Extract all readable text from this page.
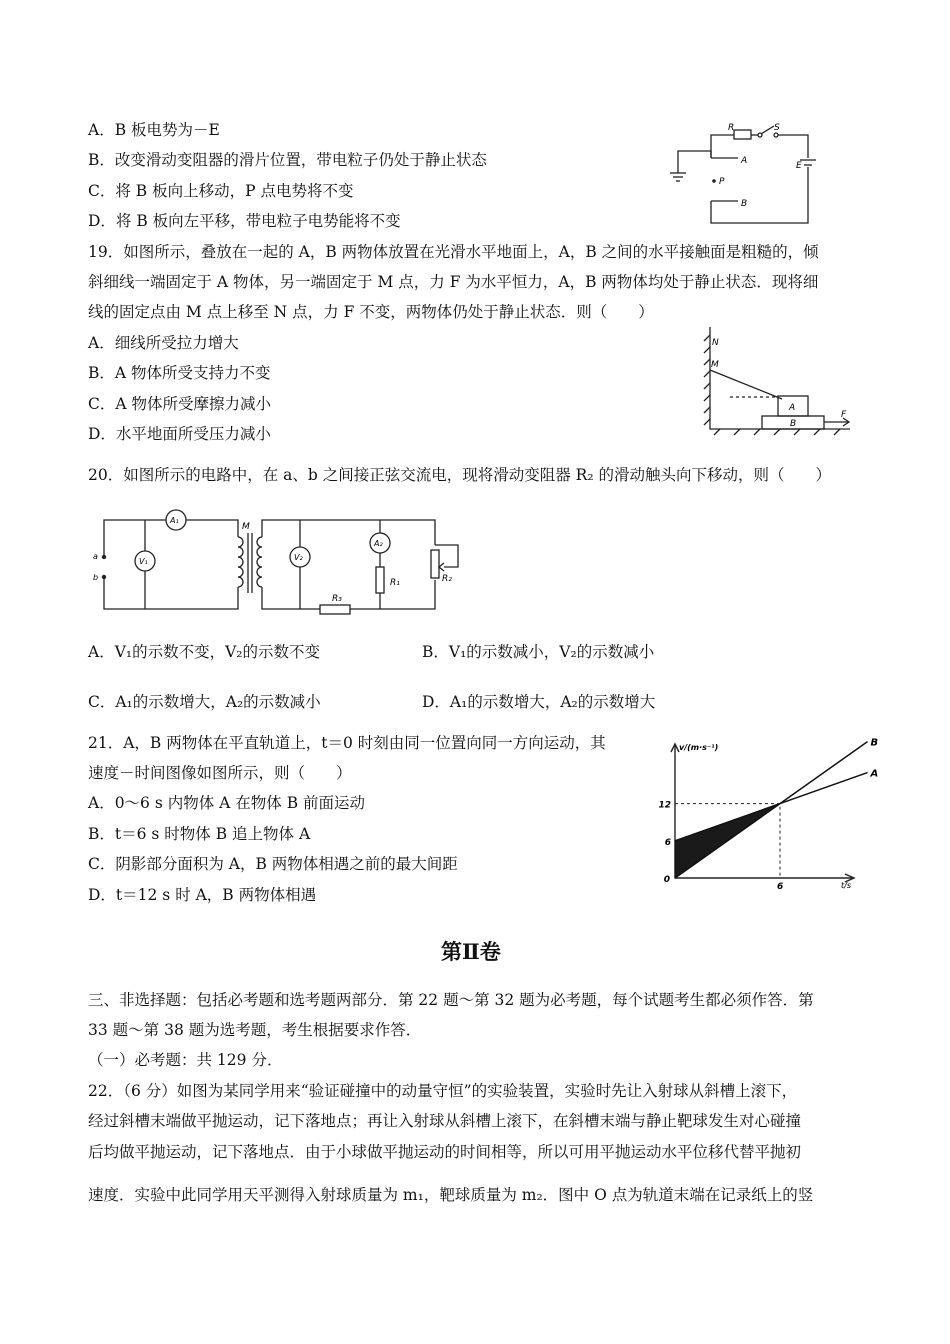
A．B 板电势为－E
B．改变滑动变阻器的滑片位置，带电粒子仍处于静止状态
C．将 B 板向上移动，P 点电势将不变
D．将 B 板向左平移，带电粒子电势能将不变
R	S
A
P
B
E
19．如图所示，叠放在一起的 A，B 两物体放置在光滑水平地面上，A，B 之间的水平接触面是粗糙的，倾
斜细线一端固定于 A 物体，另一端固定于 M 点，力 F 为水平恒力，A，B 两物体均处于静止状态．现将细
线的固定点由 M 点上移至 N 点，力 F 不变，两物体仍处于静止状态．则（　　）
A．细线所受拉力增大
B．A 物体所受支持力不变
C．A 物体所受摩擦力减小
D．水平地面所受压力减小
N
M
A
B
F
20．如图所示的电路中，在 a、b 之间接正弦交流电，现将滑动变阻器 R₂ 的滑动触头向下移动，则（　　）
A₁
M
a
b
V₁	V₂
A₂
R₁	R₂
R₃
A．V₁的示数不变，V₂的示数不变	B．V₁的示数减小，V₂的示数减小
C．A₁的示数增大，A₂的示数减小	D．A₁的示数增大，A₂的示数增大
21．A，B 两物体在平直轨道上，t＝0 时刻由同一位置向同一方向运动，其
速度－时间图像如图所示，则（　　）
A．0～6 s 内物体 A 在物体 B 前面运动
B．t＝6 s 时物体 B 追上物体 A
C．阴影部分面积为 A，B 两物体相遇之前的最大间距
D．t＝12 s 时 A，B 两物体相遇
A
B
0
6
6
12
v/(m·s⁻¹)
t/s
第Ⅱ卷
三、非选择题：包括必考题和选考题两部分．第 22 题～第 32 题为必考题，每个试题考生都必须作答．第
33 题～第 38 题为选考题，考生根据要求作答．
（一）必考题：共 129 分．
22．（6 分）如图为某同学用来“验证碰撞中的动量守恒”的实验装置，实验时先让入射球从斜槽上滚下，
经过斜槽末端做平抛运动，记下落地点；再让入射球从斜槽上滚下，在斜槽末端与静止靶球发生对心碰撞
后均做平抛运动，记下落地点．由于小球做平抛运动的时间相等，所以可用平抛运动水平位移代替平抛初
速度．实验中此同学用天平测得入射球质量为 m₁，靶球质量为 m₂．图中 O 点为轨道末端在记录纸上的竖
